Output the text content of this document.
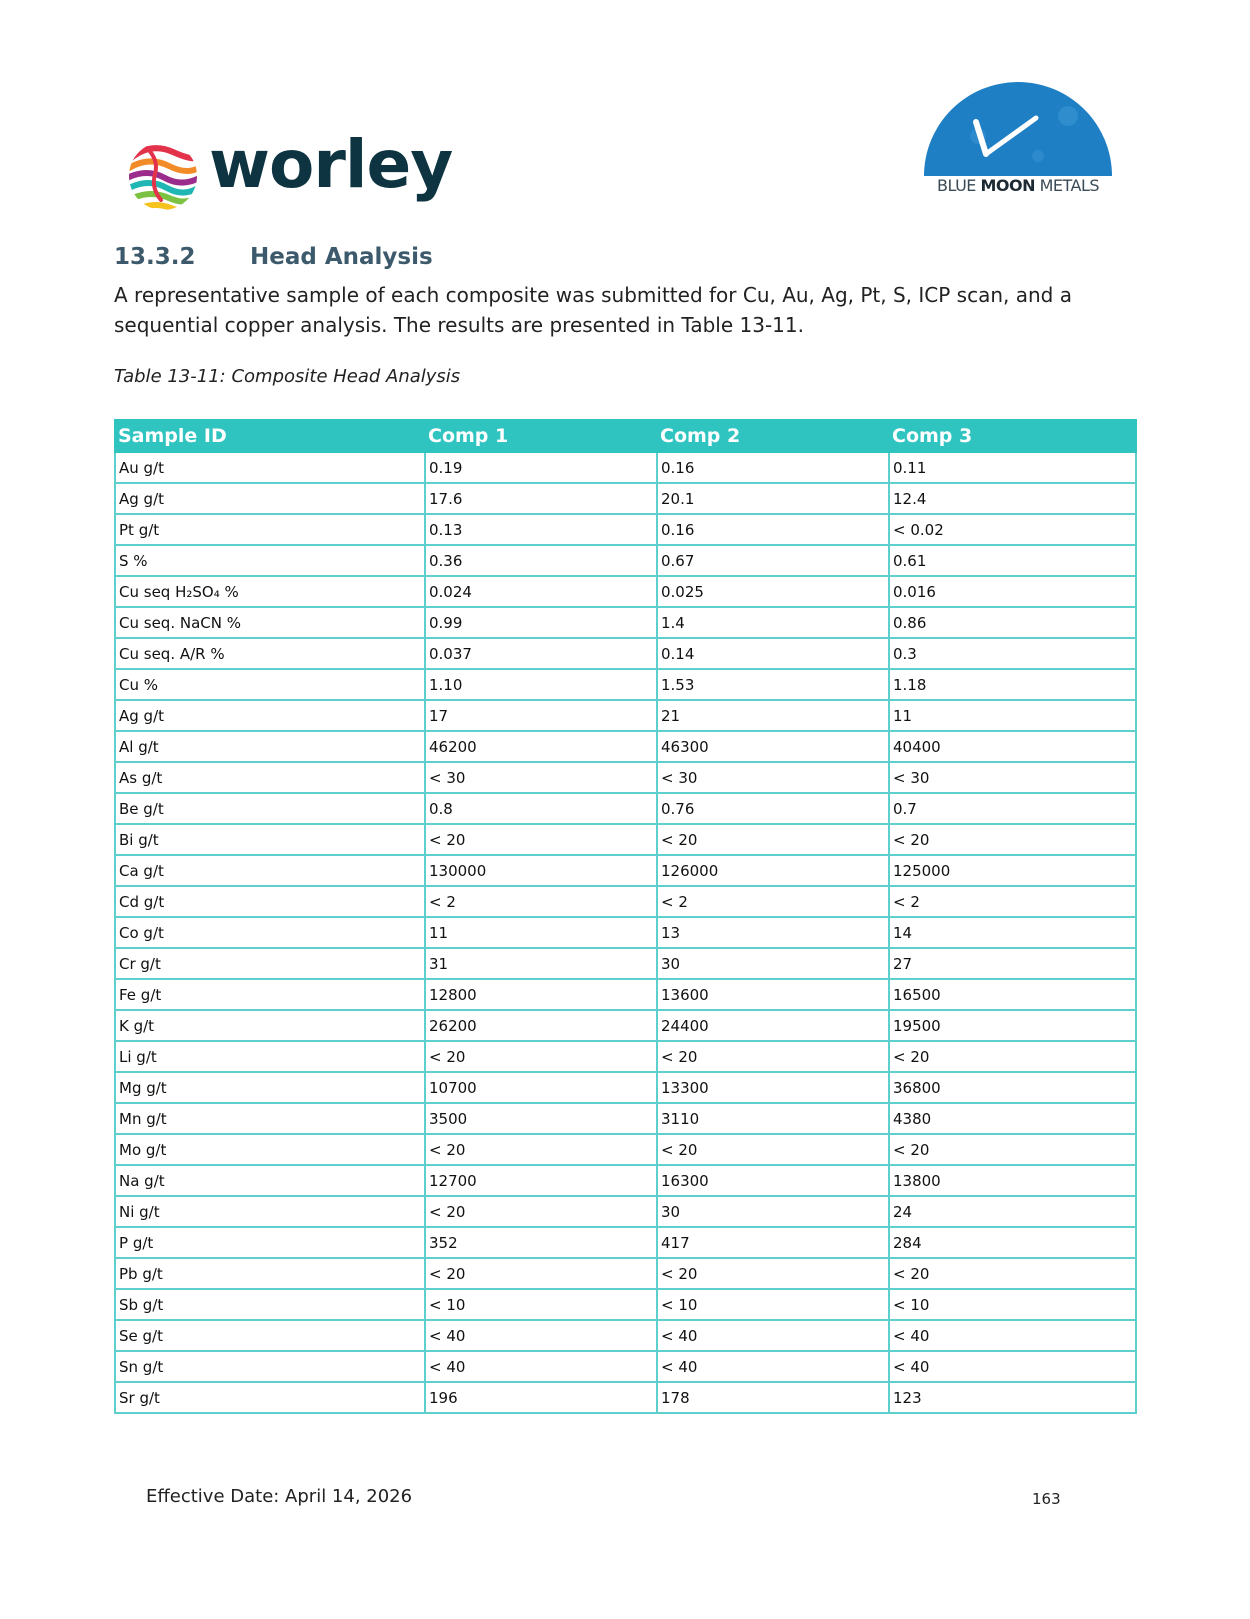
worley	BLUE MOON METALS
13.3.2 Head Analysis
A representative sample of each composite was submitted for Cu, Au, Ag, Pt, S, ICP scan, and a sequential copper analysis. The results are presented in Table 13-11.
Table 13-11: Composite Head Analysis
Sample ID	Comp 1	Comp 2	Comp 3
Au g/t	0.19	0.16	0.11
Ag g/t	17.6	20.1	12.4
Pt g/t	0.13	0.16	< 0.02
S %	0.36	0.67	0.61
Cu seq H₂SO₄ %	0.024	0.025	0.016
Cu seq. NaCN %	0.99	1.4	0.86
Cu seq. A/R %	0.037	0.14	0.3
Cu %	1.10	1.53	1.18
Ag g/t	17	21	11
Al g/t	46200	46300	40400
As g/t	< 30	< 30	< 30
Be g/t	0.8	0.76	0.7
Bi g/t	< 20	< 20	< 20
Ca g/t	130000	126000	125000
Cd g/t	< 2	< 2	< 2
Co g/t	11	13	14
Cr g/t	31	30	27
Fe g/t	12800	13600	16500
K g/t	26200	24400	19500
Li g/t	< 20	< 20	< 20
Mg g/t	10700	13300	36800
Mn g/t	3500	3110	4380
Mo g/t	< 20	< 20	< 20
Na g/t	12700	16300	13800
Ni g/t	< 20	30	24
P g/t	352	417	284
Pb g/t	< 20	< 20	< 20
Sb g/t	< 10	< 10	< 10
Se g/t	< 40	< 40	< 40
Sn g/t	< 40	< 40	< 40
Sr g/t	196	178	123
Effective Date: April 14, 2026	163
